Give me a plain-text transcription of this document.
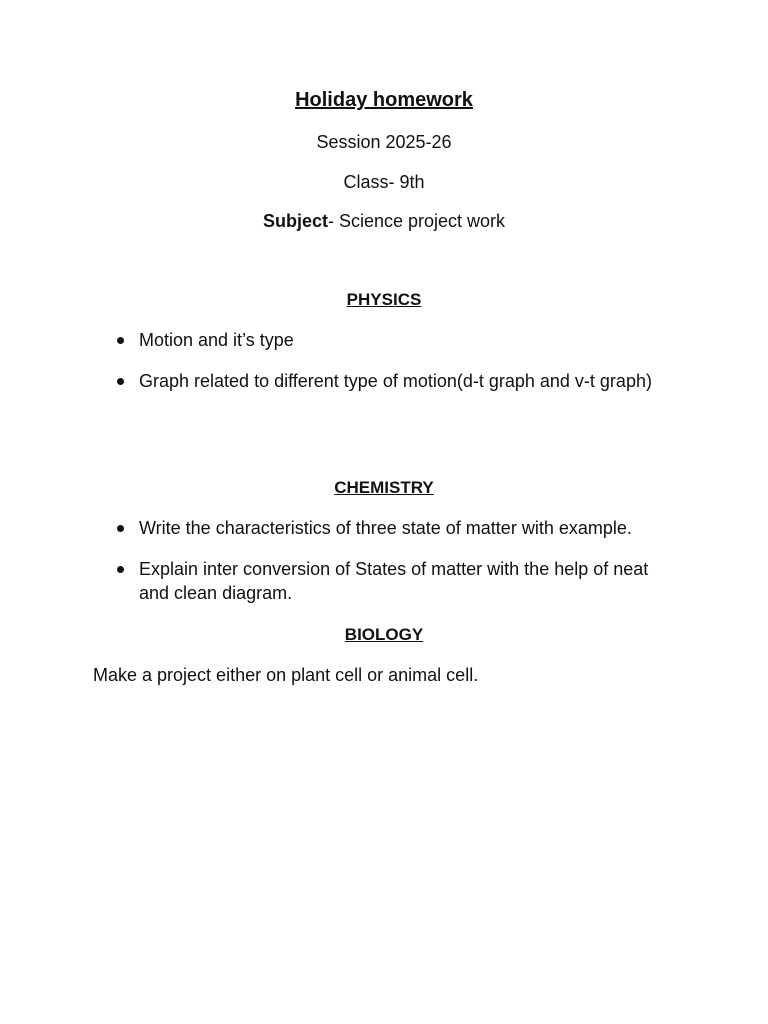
Holiday homework
Session 2025-26
Class- 9th
Subject- Science project work
PHYSICS
Motion and it’s type
Graph related to different type of motion(d-t graph and v-t graph)
CHEMISTRY
Write the characteristics of three state of matter with example.
Explain inter conversion of States of matter with the help of neat and clean diagram.
BIOLOGY
Make a project either on plant cell or animal cell.
